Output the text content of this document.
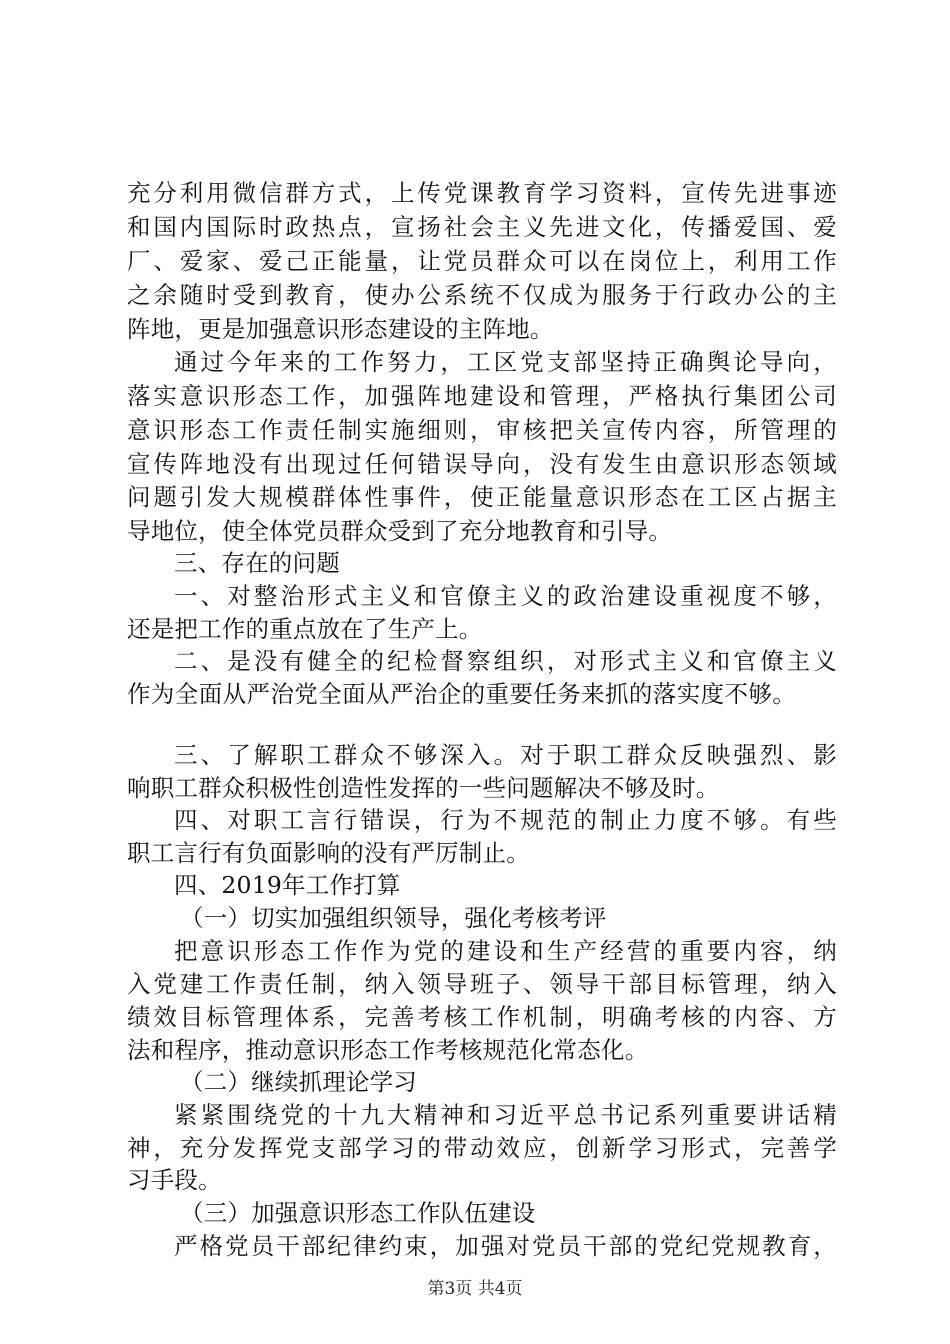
充分利用微信群方式，上传党课教育学习资料，宣传先进事迹
和国内国际时政热点，宣扬社会主义先进文化，传播爱国、爱
厂、爱家、爱己正能量，让党员群众可以在岗位上，利用工作
之余随时受到教育，使办公系统不仅成为服务于行政办公的主
阵地，更是加强意识形态建设的主阵地。
通过今年来的工作努力，工区党支部坚持正确舆论导向，
落实意识形态工作，加强阵地建设和管理，严格执行集团公司
意识形态工作责任制实施细则，审核把关宣传内容，所管理的
宣传阵地没有出现过任何错误导向，没有发生由意识形态领域
问题引发大规模群体性事件，使正能量意识形态在工区占据主
导地位，使全体党员群众受到了充分地教育和引导。
三、存在的问题
一、对整治形式主义和官僚主义的政治建设重视度不够，
还是把工作的重点放在了生产上。
二、是没有健全的纪检督察组织，对形式主义和官僚主义
作为全面从严治党全面从严治企的重要任务来抓的落实度不够。
三、了解职工群众不够深入。对于职工群众反映强烈、影
响职工群众积极性创造性发挥的一些问题解决不够及时。
四、对职工言行错误，行为不规范的制止力度不够。有些
职工言行有负面影响的没有严厉制止。
四、2019年工作打算
（一）切实加强组织领导，强化考核考评
把意识形态工作作为党的建设和生产经营的重要内容，纳
入党建工作责任制，纳入领导班子、领导干部目标管理，纳入
绩效目标管理体系，完善考核工作机制，明确考核的内容、方
法和程序，推动意识形态工作考核规范化常态化。
（二）继续抓理论学习
紧紧围绕党的十九大精神和习近平总书记系列重要讲话精
神，充分发挥党支部学习的带动效应，创新学习形式，完善学
习手段。
（三）加强意识形态工作队伍建设
严格党员干部纪律约束，加强对党员干部的党纪党规教育，
第3页 共4页
